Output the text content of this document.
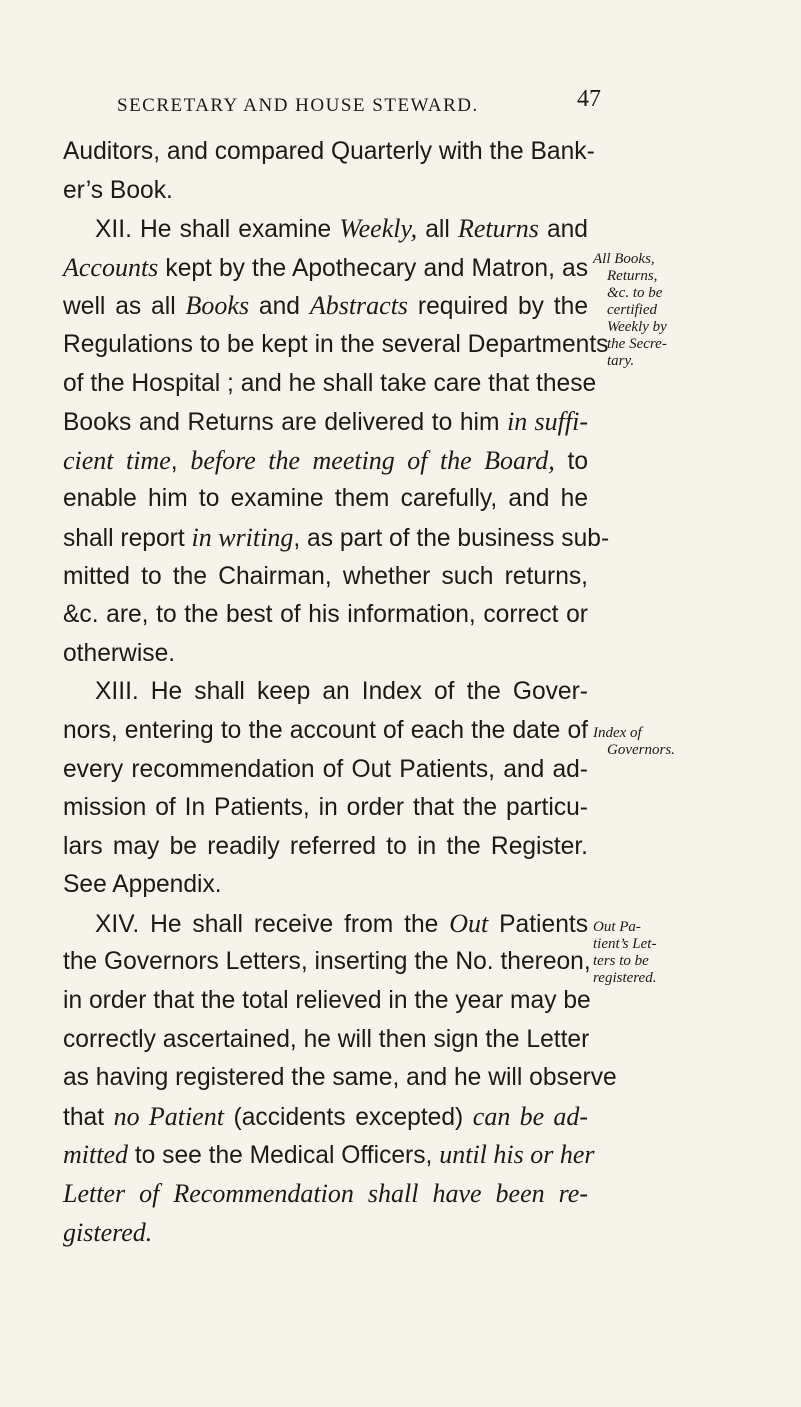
SECRETARY AND HOUSE STEWARD.	47
Auditors, and compared Quarterly with the Bank-
er’s Book.
XII. He shall examine Weekly, all Returns and
Accounts kept by the Apothecary and Matron, as
well as all Books and Abstracts required by the
Regulations to be kept in the several Departments
of the Hospital ; and he shall take care that these
Books and Returns are delivered to him in suffi-
cient time, before the meeting of the Board, to
enable him to examine them carefully, and he
shall report in writing, as part of the business sub-
mitted to the Chairman, whether such returns,
&c. are, to the best of his information, correct or
otherwise.
XIII. He shall keep an Index of the Gover-
nors, entering to the account of each the date of
every recommendation of Out Patients, and ad-
mission of In Patients, in order that the particu-
lars may be readily referred to in the Register.
See Appendix.
XIV. He shall receive from the Out Patients
the Governors Letters, inserting the No. thereon,
in order that the total relieved in the year may be
correctly ascertained, he will then sign the Letter
as having registered the same, and he will observe
that no Patient (accidents excepted) can be ad-
mitted to see the Medical Officers, until his or her
Letter of Recommendation shall have been re-
gistered.
All Books,
Returns,
&c. to be
certified
Weekly by
the Secre-
tary.
Index of
Governors.
Out Pa-
tient’s Let-
ters to be
registered.
